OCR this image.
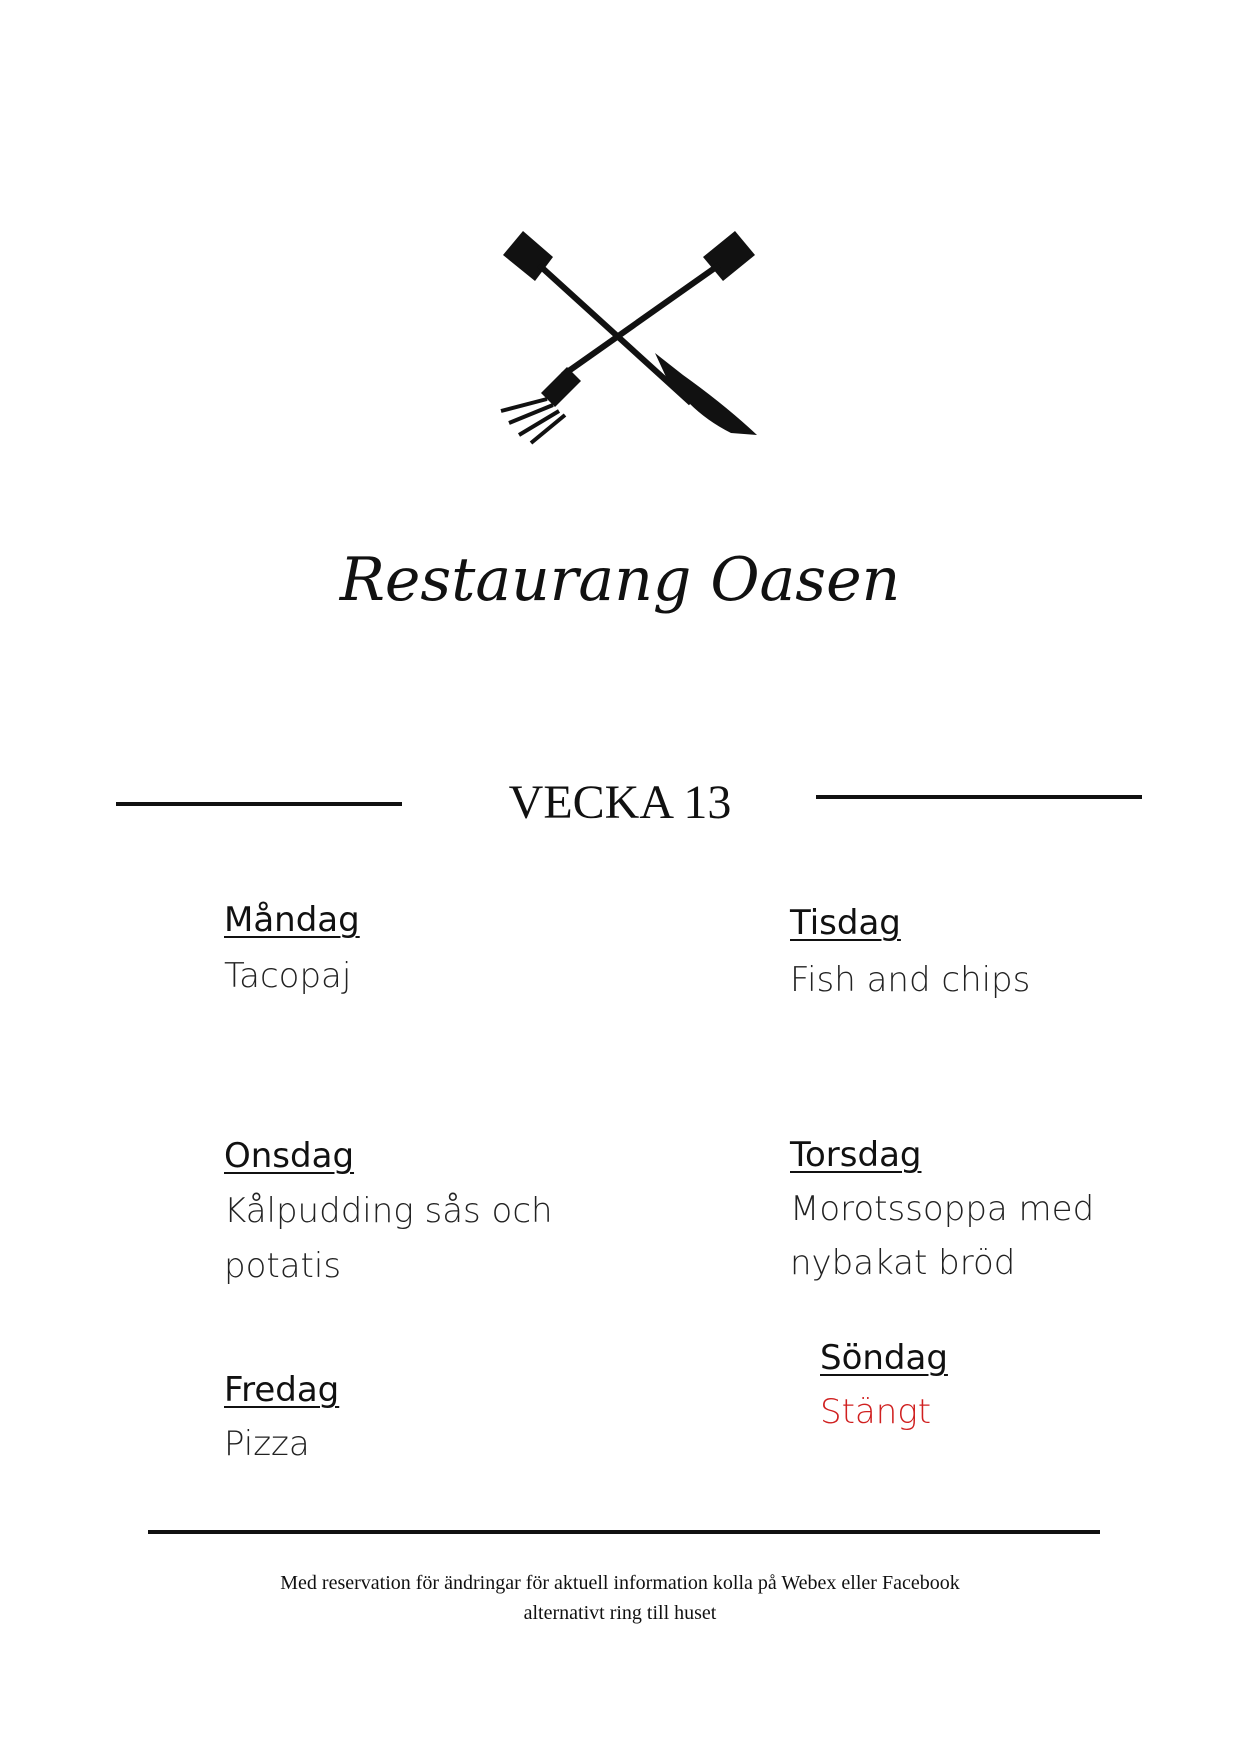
Restaurang Oasen
VECKA 13
Måndag
Tacopaj
Tisdag
Fish and chips
Onsdag
Kålpudding sås och
potatis
Torsdag
Morotssoppa med
nybakat bröd
Fredag
Pizza
Söndag
Stängt
Med reservation för ändringar för aktuell information kolla på Webex eller Facebook
alternativt ring till huset
